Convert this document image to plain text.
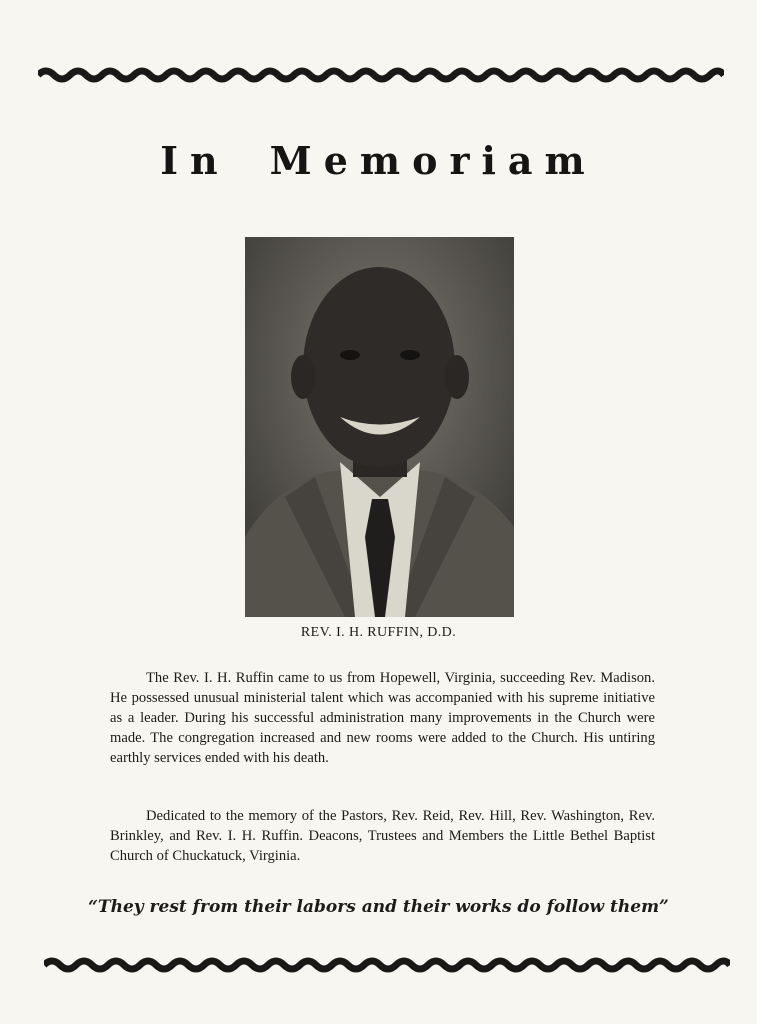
In Memoriam
REV. I. H. RUFFIN, D.D.

The Rev. I. H. Ruffin came to us from Hopewell, Virginia, succeeding Rev. Madison. He possessed unusual ministerial talent which was accompanied with his supreme initiative as a leader. During his successful administration many improvements in the Church were made. The congregation increased and new rooms were added to the Church. His untiring earthly services ended with his death.

Dedicated to the memory of the Pastors, Rev. Reid, Rev. Hill, Rev. Washington, Rev. Brinkley, and Rev. I. H. Ruffin. Deacons, Trustees and Members the Little Bethel Baptist Church of Chuckatuck, Virginia.

“They rest from their labors and their works do follow them”
